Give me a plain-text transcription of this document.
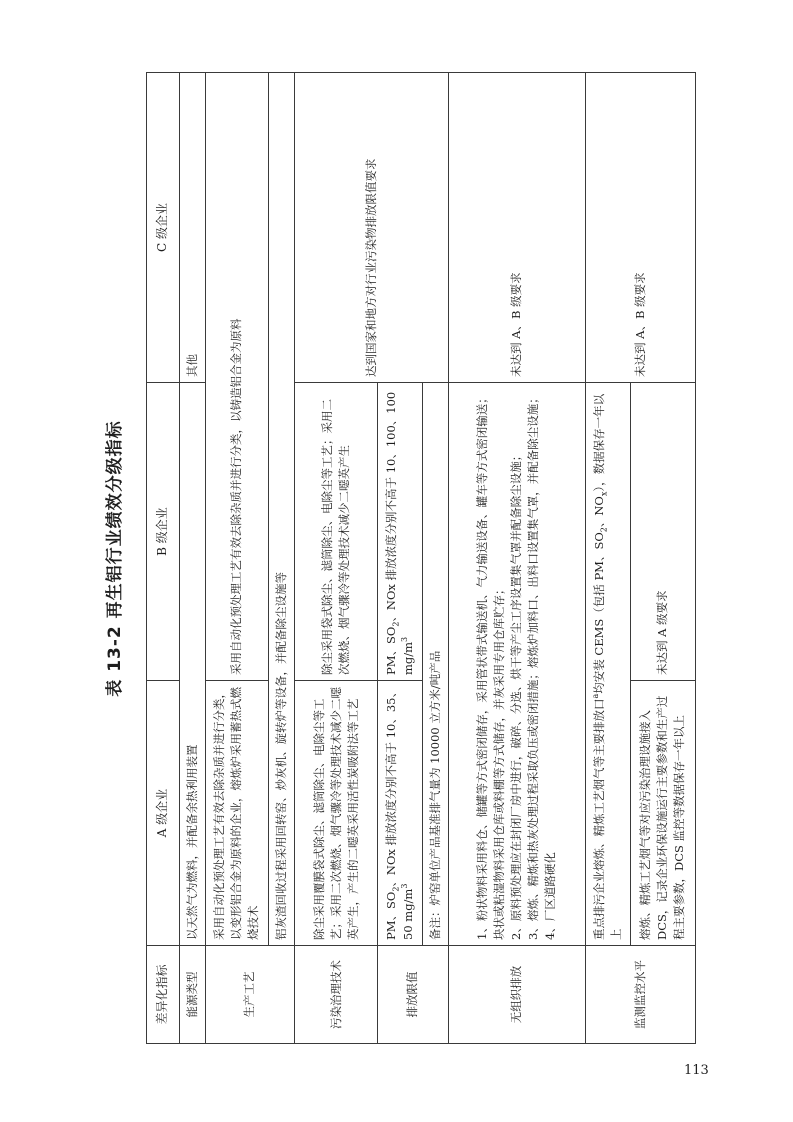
表 13-2 再生铝行业绩效分级指标
差异化指标	A 级企业	B 级企业	C 级企业
能源类型	以天然气为燃料，并配备余热利用装置		其他
生产工艺	采用自动化预处理工艺有效去除杂质并进行分类，以变形铝合金为原料的企业，熔炼炉采用蓄热式燃烧技术	采用自动化预处理工艺有效去除杂质并进行分类，以铸造铝合金为原料	
	铝灰渣回收过程采用回转窑、炒灰机、旋转炉等设备，并配备除尘设施等		
污染治理技术	除尘采用覆膜袋式除尘、滤筒除尘、电除尘等工艺；采用二次燃烧、烟气骤冷等处理技术减少二噁英产生，产生的二噁英采用活性炭吸附法等工艺	除尘采用袋式除尘、滤筒除尘、电除尘等工艺；采用二次燃烧、烟气骤冷等处理技术减少二噁英产生	达到国家和地方对行业污染物排放限值要求
排放限值	PM、$SO_2$、NOx 排放浓度分别不高于 10、35、50 $mg/m^3$	PM、$SO_2$、NOx 排放浓度分别不高于 10、100、100 $mg/m^3$
	备注：炉窑单位产品基准排气量为 10000 立方米/吨产品		
无组织排放	1、粉状物料采用料仓、储罐等方式密闭储存，采用管状带式输送机、气力输送设备、罐车等方式密闭输送；块状或粘湿物料采用仓库或料棚等方式储存，并灰采用专用仓库贮存； 2、原料预处理应在封闭厂房中进行，破碎、分选、烘干等产尘工序设置集气罩并配备除尘设施； 3、熔炼、精炼和热灰处理过程采取负压或密闭措施；熔炼炉加料口、出料口设置集气罩，并配备除尘设施； 4、厂区道路硬化		未达到 A、B 级要求
监测监控水平	重点排污企业熔炼、精炼工艺烟气等主要排放口$^a$均安装 CEMS（包括 PM、$SO_2$、$NO_x$），数据保存一年以上		未达到 A、B 级要求
	熔炼、精炼工艺烟气等对应污染治理设施接入 DCS，记录企业环保设施运行主要参数和生产过程主要参数，DCS 监控等数据保存一年以上	未达到 A 级要求	
113
